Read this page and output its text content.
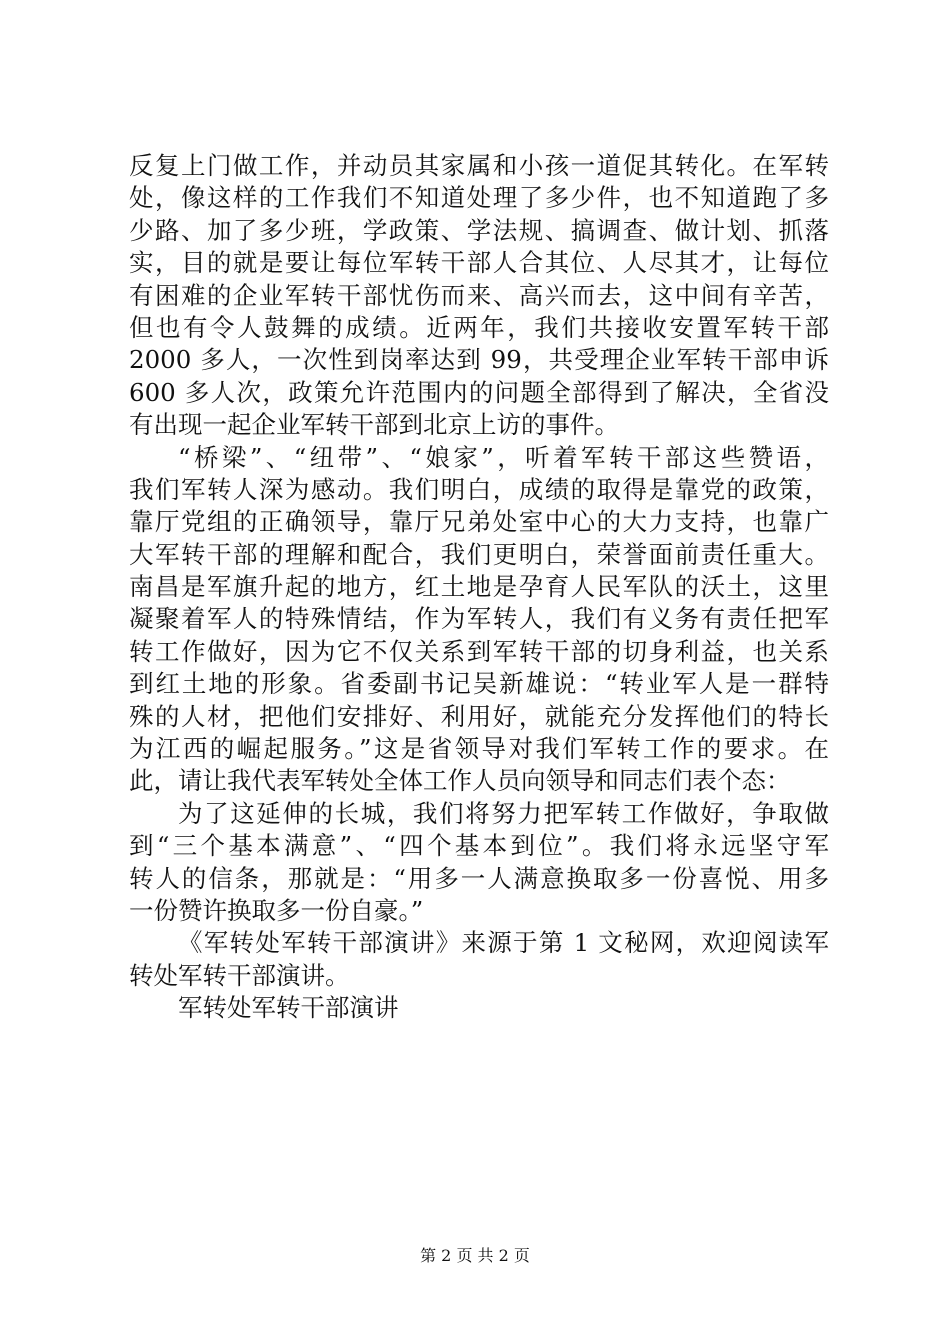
反复上门做工作，并动员其家属和小孩一道促其转化。在军转
处，像这样的工作我们不知道处理了多少件，也不知道跑了多
少路、加了多少班，学政策、学法规、搞调查、做计划、抓落
实，目的就是要让每位军转干部人合其位、人尽其才，让每位
有困难的企业军转干部忧伤而来、高兴而去，这中间有辛苦，
但也有令人鼓舞的成绩。近两年，我们共接收安置军转干部
2000 多人，一次性到岗率达到 99，共受理企业军转干部申诉
600 多人次，政策允许范围内的问题全部得到了解决，全省没
有出现一起企业军转干部到北京上访的事件。
“桥梁”、“纽带”、“娘家”，听着军转干部这些赞语，
我们军转人深为感动。我们明白，成绩的取得是靠党的政策，
靠厅党组的正确领导，靠厅兄弟处室中心的大力支持，也靠广
大军转干部的理解和配合，我们更明白，荣誉面前责任重大。
南昌是军旗升起的地方，红土地是孕育人民军队的沃土，这里
凝聚着军人的特殊情结，作为军转人，我们有义务有责任把军
转工作做好，因为它不仅关系到军转干部的切身利益，也关系
到红土地的形象。省委副书记吴新雄说：“转业军人是一群特
殊的人材，把他们安排好、利用好，就能充分发挥他们的特长
为江西的崛起服务。”这是省领导对我们军转工作的要求。在
此，请让我代表军转处全体工作人员向领导和同志们表个态：
为了这延伸的长城，我们将努力把军转工作做好，争取做
到“三个基本满意”、“四个基本到位”。我们将永远坚守军
转人的信条，那就是：“用多一人满意换取多一份喜悦、用多
一份赞许换取多一份自豪。”
《军转处军转干部演讲》来源于第 1 文秘网，欢迎阅读军
转处军转干部演讲。
军转处军转干部演讲
第 2 页 共 2 页
